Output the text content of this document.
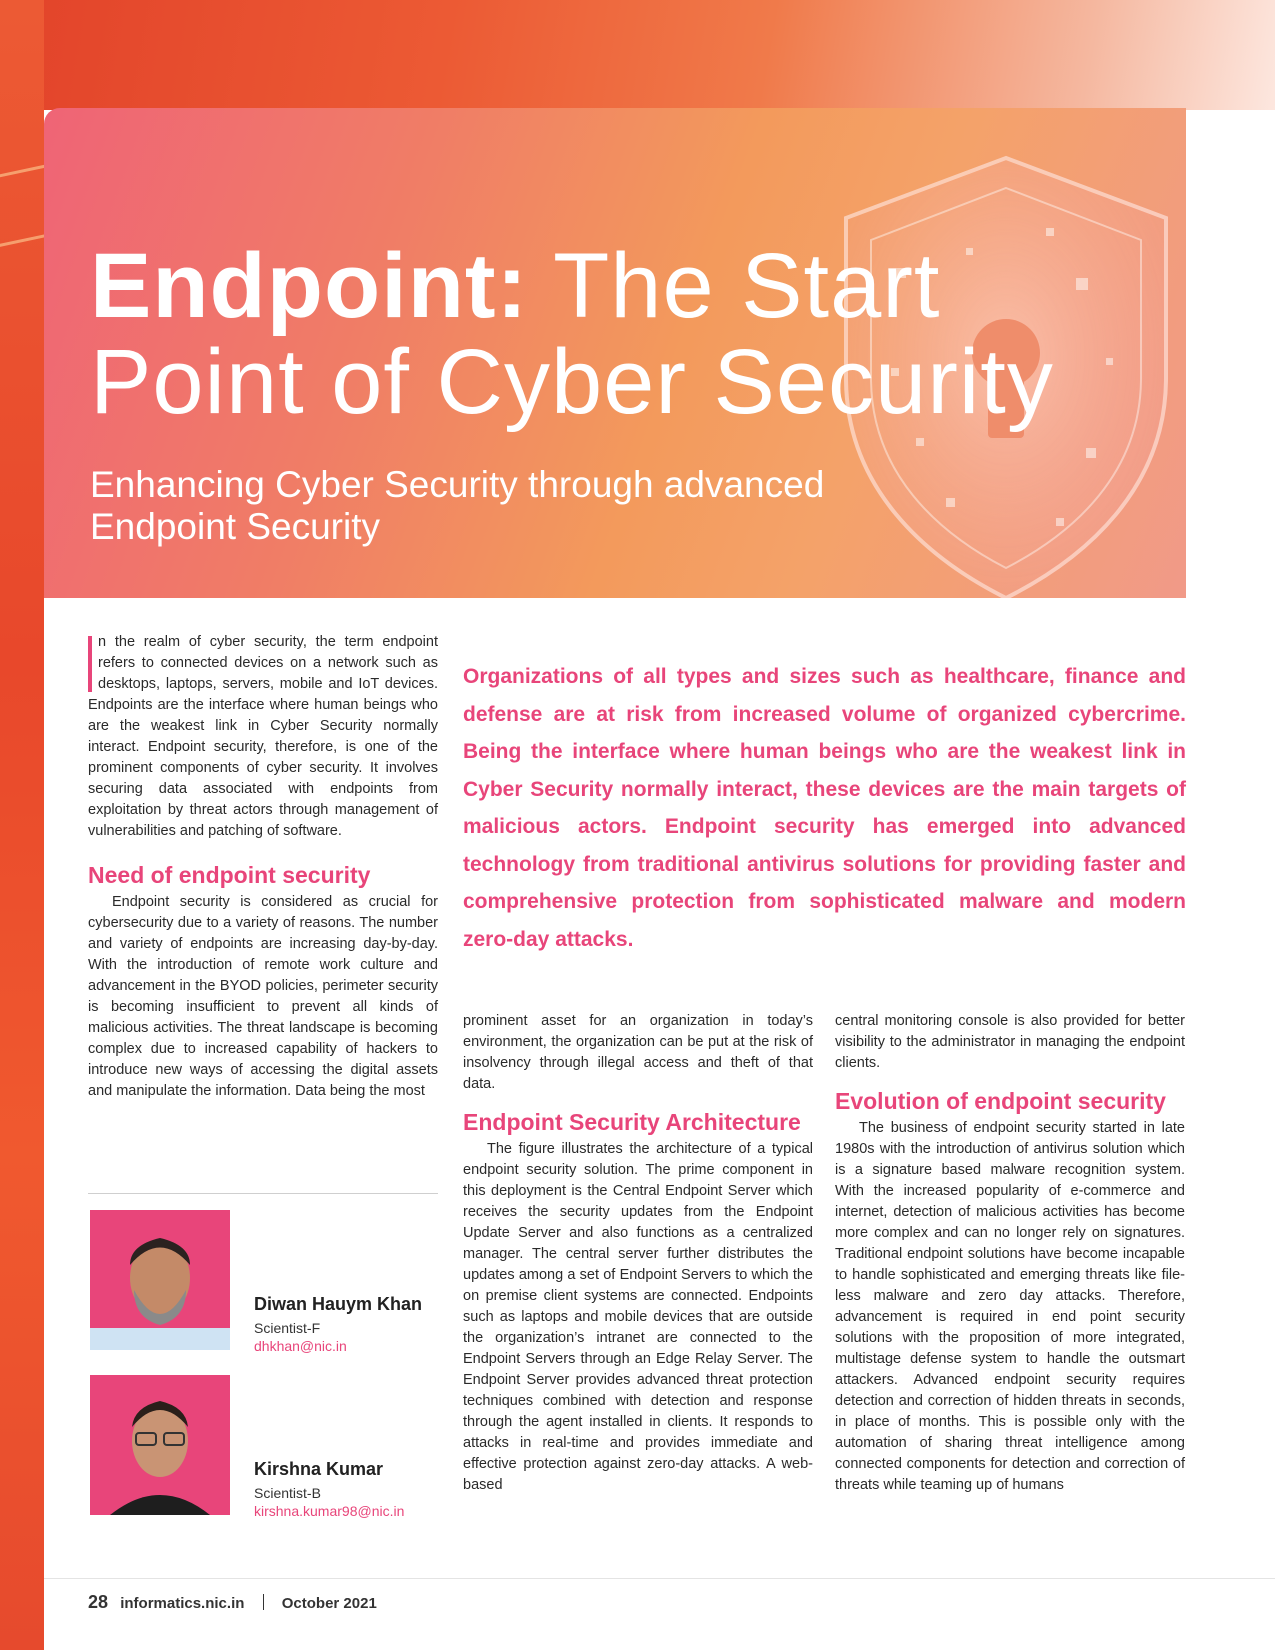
Endpoint: The Start
Point of Cyber Security
Enhancing Cyber Security through advanced Endpoint Security

n the realm of cyber security, the term endpoint refers to connected devices on a network such as desktops, laptops, servers, mobile and IoT devices. Endpoints are the interface where human beings who are the weakest link in Cyber Security normally interact. Endpoint security, therefore, is one of the prominent components of cyber security. It involves securing data associated with endpoints from exploitation by threat actors through management of vulnerabilities and patching of software.

Need of endpoint security

Endpoint security is considered as crucial for cybersecurity due to a variety of reasons. The number and variety of endpoints are increasing day-by-day. With the introduction of remote work culture and advancement in the BYOD policies, perimeter security is becoming insufficient to prevent all kinds of malicious activities. The threat landscape is becoming complex due to increased capability of hackers to introduce new ways of accessing the digital assets and manipulate the information. Data being the most

Organizations of all types and sizes such as healthcare, finance and defense are at risk from increased volume of organized cybercrime. Being the interface where human beings who are the weakest link in Cyber Security normally interact, these devices are the main targets of malicious actors. Endpoint security has emerged into advanced technology from traditional antivirus solutions for providing faster and comprehensive protection from sophisticated malware and modern zero-day attacks.

prominent asset for an organization in today’s environment, the organization can be put at the risk of insolvency through illegal access and theft of that data.

Endpoint Security Architecture

The figure illustrates the architecture of a typical endpoint security solution. The prime component in this deployment is the Central Endpoint Server which receives the security updates from the Endpoint Update Server and also functions as a centralized manager. The central server further distributes the updates among a set of Endpoint Servers to which the on premise client systems are connected. Endpoints such as laptops and mobile devices that are outside the organization’s intranet are connected to the Endpoint Servers through an Edge Relay Server. The Endpoint Server provides advanced threat protection techniques combined with detection and response through the agent installed in clients. It responds to attacks in real-time and provides immediate and effective protection against zero-day attacks. A web-based

central monitoring console is also provided for better visibility to the administrator in managing the endpoint clients.

Evolution of endpoint security

The business of endpoint security started in late 1980s with the introduction of antivirus solution which is a signature based malware recognition system. With the increased popularity of e-commerce and internet, detection of malicious activities has become more complex and can no longer rely on signatures. Traditional endpoint solutions have become incapable to handle sophisticated and emerging threats like file-less malware and zero day attacks. Therefore, advancement is required in end point security solutions with the proposition of more integrated, multistage defense system to handle the outsmart attackers. Advanced endpoint security requires detection and correction of hidden threats in seconds, in place of months. This is possible only with the automation of sharing threat intelligence among connected components for detection and correction of threats while teaming up of humans

Diwan Hauym Khan

Scientist-F

dhkhan@nic.in

Kirshna Kumar

Scientist-B

kirshna.kumar98@nic.in

28 informatics.nic.in October 2021
